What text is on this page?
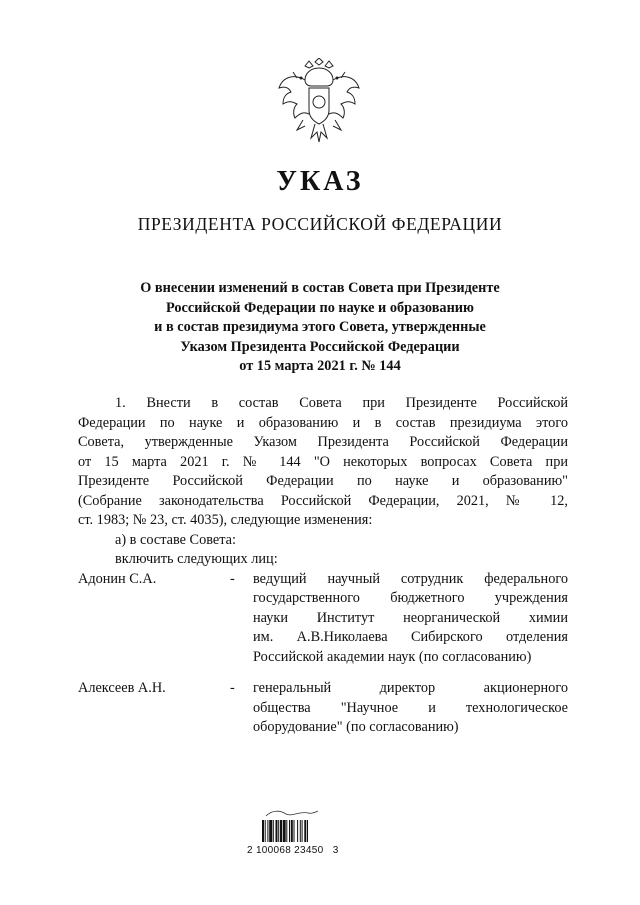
УКАЗ
ПРЕЗИДЕНТА РОССИЙСКОЙ ФЕДЕРАЦИИ
О внесении изменений в состав Совета при Президенте
Российской Федерации по науке и образованию
и в состав президиума этого Совета, утвержденные
Указом Президента Российской Федерации
от 15 марта 2021 г. № 144
1. Внести в состав Совета при Президенте Российской
Федерации по науке и образованию и в состав президиума этого
Совета, утвержденные Указом Президента Российской Федерации
от 15 марта 2021 г. № 144 "О некоторых вопросах Совета при
Президенте Российской Федерации по науке и образованию"
(Собрание законодательства Российской Федерации, 2021, № 12,
ст. 1983; № 23, ст. 4035), следующие изменения:
а) в составе Совета:
включить следующих лиц:
Адонин С.А.	- ведущий научный сотрудник федерального
государственного бюджетного учреждения
науки Институт неорганической химии
им. А.В.Николаева Сибирского отделения
Российской академии наук (по согласованию)
Алексеев А.Н.	- генеральный директор акционерного
общества "Научное и технологическое
оборудование" (по согласованию)
2 100068 23450   3
